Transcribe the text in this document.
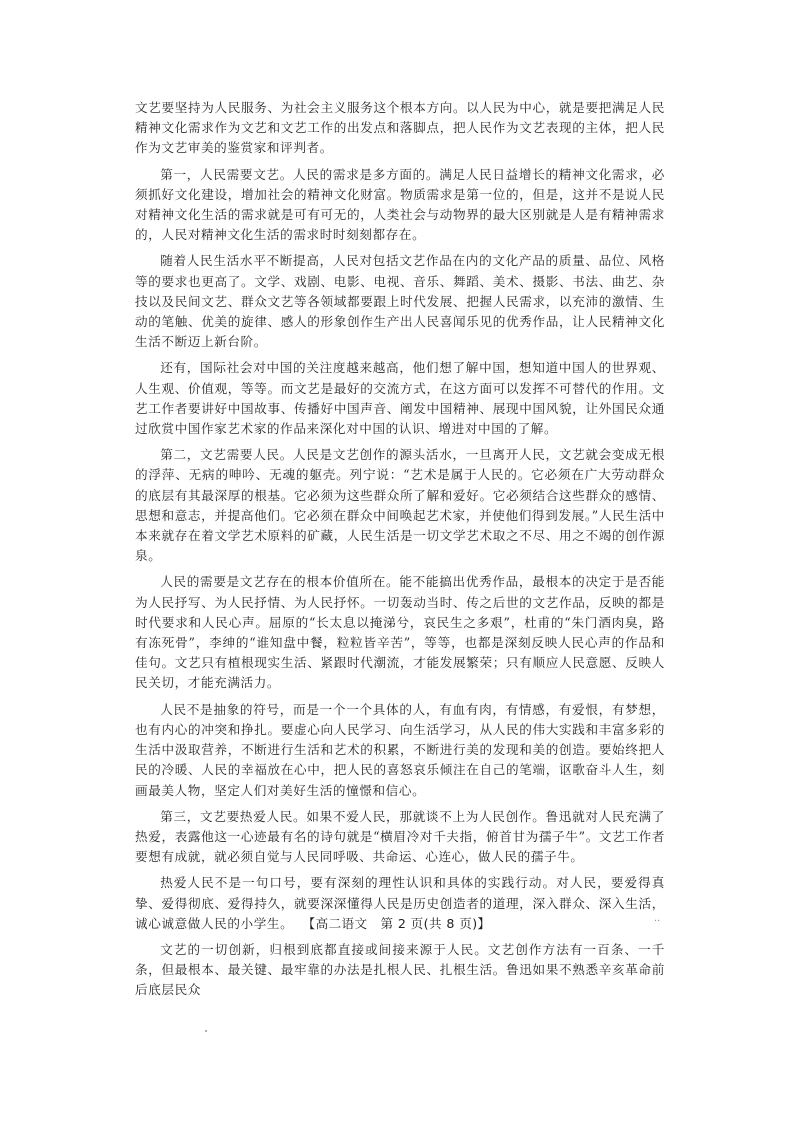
文艺要坚持为人民服务、为社会主义服务这个根本方向。以人民为中心，就是要把满足人民精神文化需求作为文艺和文艺工作的出发点和落脚点，把人民作为文艺表现的主体，把人民作为文艺审美的鉴赏家和评判者。

第一，人民需要文艺。人民的需求是多方面的。满足人民日益增长的精神文化需求，必须抓好文化建设，增加社会的精神文化财富。物质需求是第一位的，但是，这并不是说人民对精神文化生活的需求就是可有可无的，人类社会与动物界的最大区别就是人是有精神需求的，人民对精神文化生活的需求时时刻刻都存在。

随着人民生活水平不断提高，人民对包括文艺作品在内的文化产品的质量、品位、风格等的要求也更高了。文学、戏剧、电影、电视、音乐、舞蹈、美术、摄影、书法、曲艺、杂技以及民间文艺、群众文艺等各领域都要跟上时代发展、把握人民需求，以充沛的激情、生动的笔触、优美的旋律、感人的形象创作生产出人民喜闻乐见的优秀作品，让人民精神文化生活不断迈上新台阶。

还有，国际社会对中国的关注度越来越高，他们想了解中国，想知道中国人的世界观、人生观、价值观，等等。而文艺是最好的交流方式，在这方面可以发挥不可替代的作用。文艺工作者要讲好中国故事、传播好中国声音、阐发中国精神、展现中国风貌，让外国民众通过欣赏中国作家艺术家的作品来深化对中国的认识、增进对中国的了解。

第二，文艺需要人民。人民是文艺创作的源头活水，一旦离开人民，文艺就会变成无根的浮萍、无病的呻吟、无魂的躯壳。列宁说：“艺术是属于人民的。它必须在广大劳动群众的底层有其最深厚的根基。它必须为这些群众所了解和爱好。它必须结合这些群众的感情、思想和意志，并提高他们。它必须在群众中间唤起艺术家，并使他们得到发展。”人民生活中本来就存在着文学艺术原料的矿藏，人民生活是一切文学艺术取之不尽、用之不竭的创作源泉。

人民的需要是文艺存在的根本价值所在。能不能搞出优秀作品，最根本的决定于是否能为人民抒写、为人民抒情、为人民抒怀。一切轰动当时、传之后世的文艺作品，反映的都是时代要求和人民心声。屈原的“长太息以掩涕兮，哀民生之多艰”，杜甫的“朱门酒肉臭，路有冻死骨”，李绅的“谁知盘中餐，粒粒皆辛苦”，等等，也都是深刻反映人民心声的作品和佳句。文艺只有植根现实生活、紧跟时代潮流，才能发展繁荣；只有顺应人民意愿、反映人民关切，才能充满活力。

人民不是抽象的符号，而是一个一个具体的人，有血有肉，有情感，有爱恨，有梦想，也有内心的冲突和挣扎。要虚心向人民学习、向生活学习，从人民的伟大实践和丰富多彩的生活中汲取营养，不断进行生活和艺术的积累，不断进行美的发现和美的创造。要始终把人民的冷暖、人民的幸福放在心中，把人民的喜怒哀乐倾注在自己的笔端，讴歌奋斗人生，刻画最美人物，坚定人们对美好生活的憧憬和信心。

第三，文艺要热爱人民。如果不爱人民，那就谈不上为人民创作。鲁迅就对人民充满了热爱，表露他这一心迹最有名的诗句就是“横眉冷对千夫指，俯首甘为孺子牛”。文艺工作者要想有成就，就必须自觉与人民同呼吸、共命运、心连心，做人民的孺子牛。

热爱人民不是一句口号，要有深刻的理性认识和具体的实践行动。对人民，要爱得真挚、爱得彻底、爱得持久，就要深深懂得人民是历史创造者的道理，深入群众、深入生活，诚心诚意做人民的小学生。

文艺的一切创新，归根到底都直接或间接来源于人民。文艺创作方法有一百条、一千条，但最根本、最关键、最牢靠的办法是扎根人民、扎根生活。鲁迅如果不熟悉辛亥革命前后底层民众

【高二语文　第 2 页(共 8 页)】	··
